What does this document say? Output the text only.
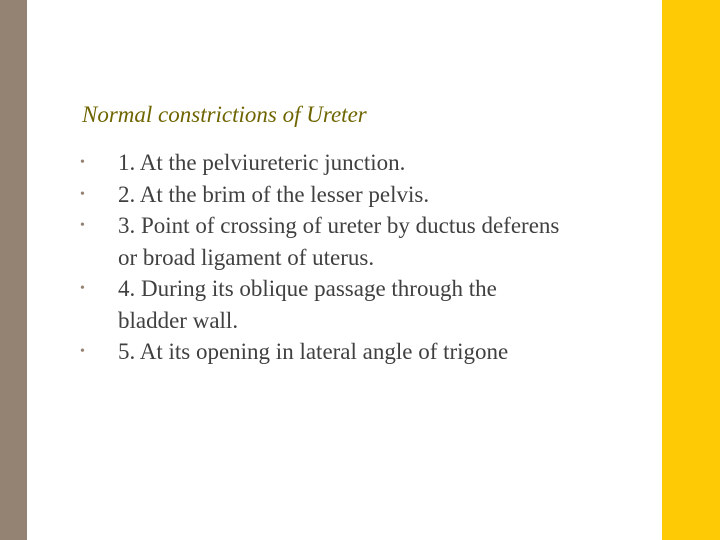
Normal constrictions of Ureter
•	1. At the pelviureteric junction.
•	2. At the brim of the lesser pelvis.
•	3. Point of crossing of ureter by ductus deferens or broad ligament of uterus.
•	4. During its oblique passage through the bladder wall.
•	5. At its opening in lateral angle of trigone
